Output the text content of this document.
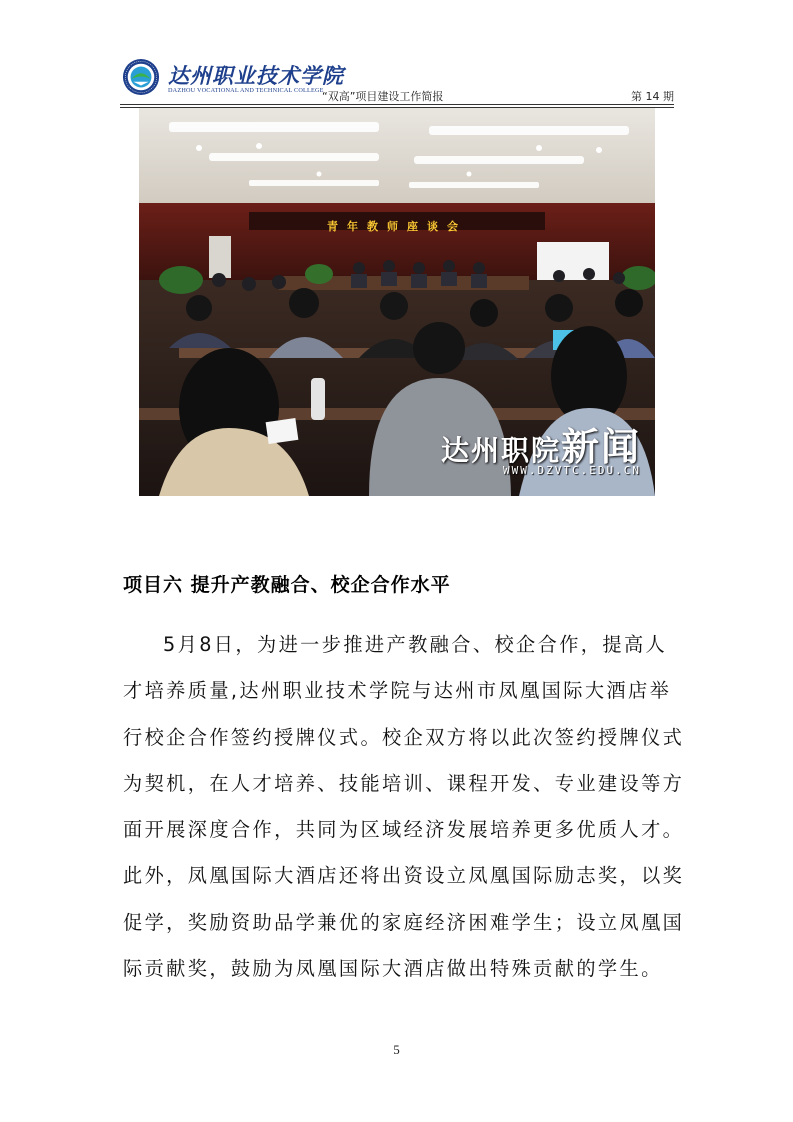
达州职业技术学院
DAZHOU VOCATIONAL AND TECHNICAL COLLEGE
“双高”项目建设工作简报	第 14 期
青年教师座谈会
达州职院新闻
WWW.DZVTC.EDU.CN
项目六 提升产教融合、校企合作水平
5月8日，为进一步推进产教融合、校企合作，提高人
才培养质量,达州职业技术学院与达州市凤凰国际大酒店举
行校企合作签约授牌仪式。校企双方将以此次签约授牌仪式
为契机，在人才培养、技能培训、课程开发、专业建设等方
面开展深度合作，共同为区域经济发展培养更多优质人才。
此外，凤凰国际大酒店还将出资设立凤凰国际励志奖，以奖
促学，奖励资助品学兼优的家庭经济困难学生；设立凤凰国
际贡献奖，鼓励为凤凰国际大酒店做出特殊贡献的学生。
5
